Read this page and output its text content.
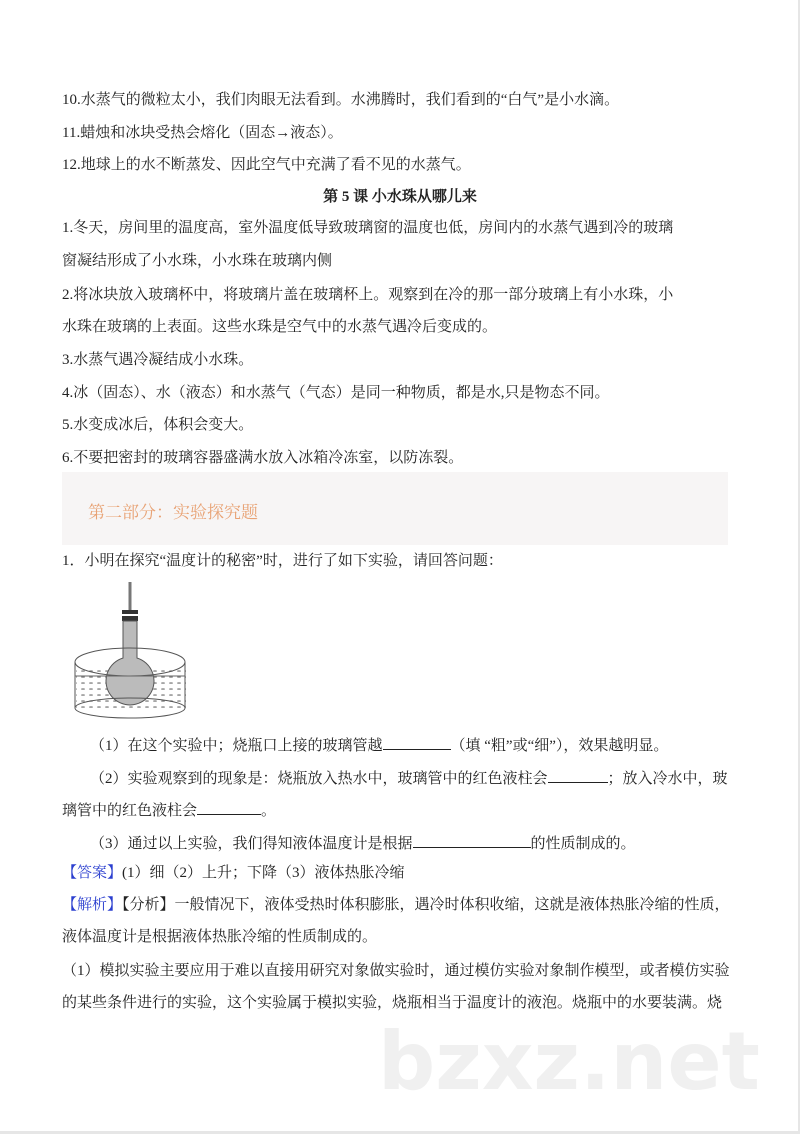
bzxz.net
10.水蒸气的微粒太小，我们肉眼无法看到。水沸腾时，我们看到的“白气”是小水滴。
11.蜡烛和冰块受热会熔化（固态→液态）。
12.地球上的水不断蒸发、因此空气中充满了看不见的水蒸气。
第 5 课 小水珠从哪儿来
1.冬天，房间里的温度高，室外温度低导致玻璃窗的温度也低，房间内的水蒸气遇到冷的玻璃
窗凝结形成了小水珠，小水珠在玻璃内侧
2.将冰块放入玻璃杯中，将玻璃片盖在玻璃杯上。观察到在冷的那一部分玻璃上有小水珠，小
水珠在玻璃的上表面。这些水珠是空气中的水蒸气遇冷后变成的。
3.水蒸气遇冷凝结成小水珠。
4.冰（固态）、水（液态）和水蒸气（气态）是同一种物质，都是水,只是物态不同。
5.水变成冰后，体积会变大。
6.不要把密封的玻璃容器盛满水放入冰箱冷冻室，以防冻裂。
第二部分：实验探究题
1．小明在探究“温度计的秘密”时，进行了如下实验，请回答问题：
（1）在这个实验中；烧瓶口上接的玻璃管越	（填 “粗”或“细”），效果越明显。
（2）实验观察到的现象是：烧瓶放入热水中，玻璃管中的红色液柱会	；放入冷水中，玻
璃管中的红色液柱会	。
（3）通过以上实验，我们得知液体温度计是根据	的性质制成的。
【答案】(1）细（2）上升；下降（3）液体热胀冷缩
【解析】【分析】一般情况下，液体受热时体积膨胀，遇冷时体积收缩，这就是液体热胀冷缩的性质，
液体温度计是根据液体热胀冷缩的性质制成的。
（1）模拟实验主要应用于难以直接用研究对象做实验时，通过模仿实验对象制作模型，或者模仿实验
的某些条件进行的实验，这个实验属于模拟实验，烧瓶相当于温度计的液泡。烧瓶中的水要装满。烧
